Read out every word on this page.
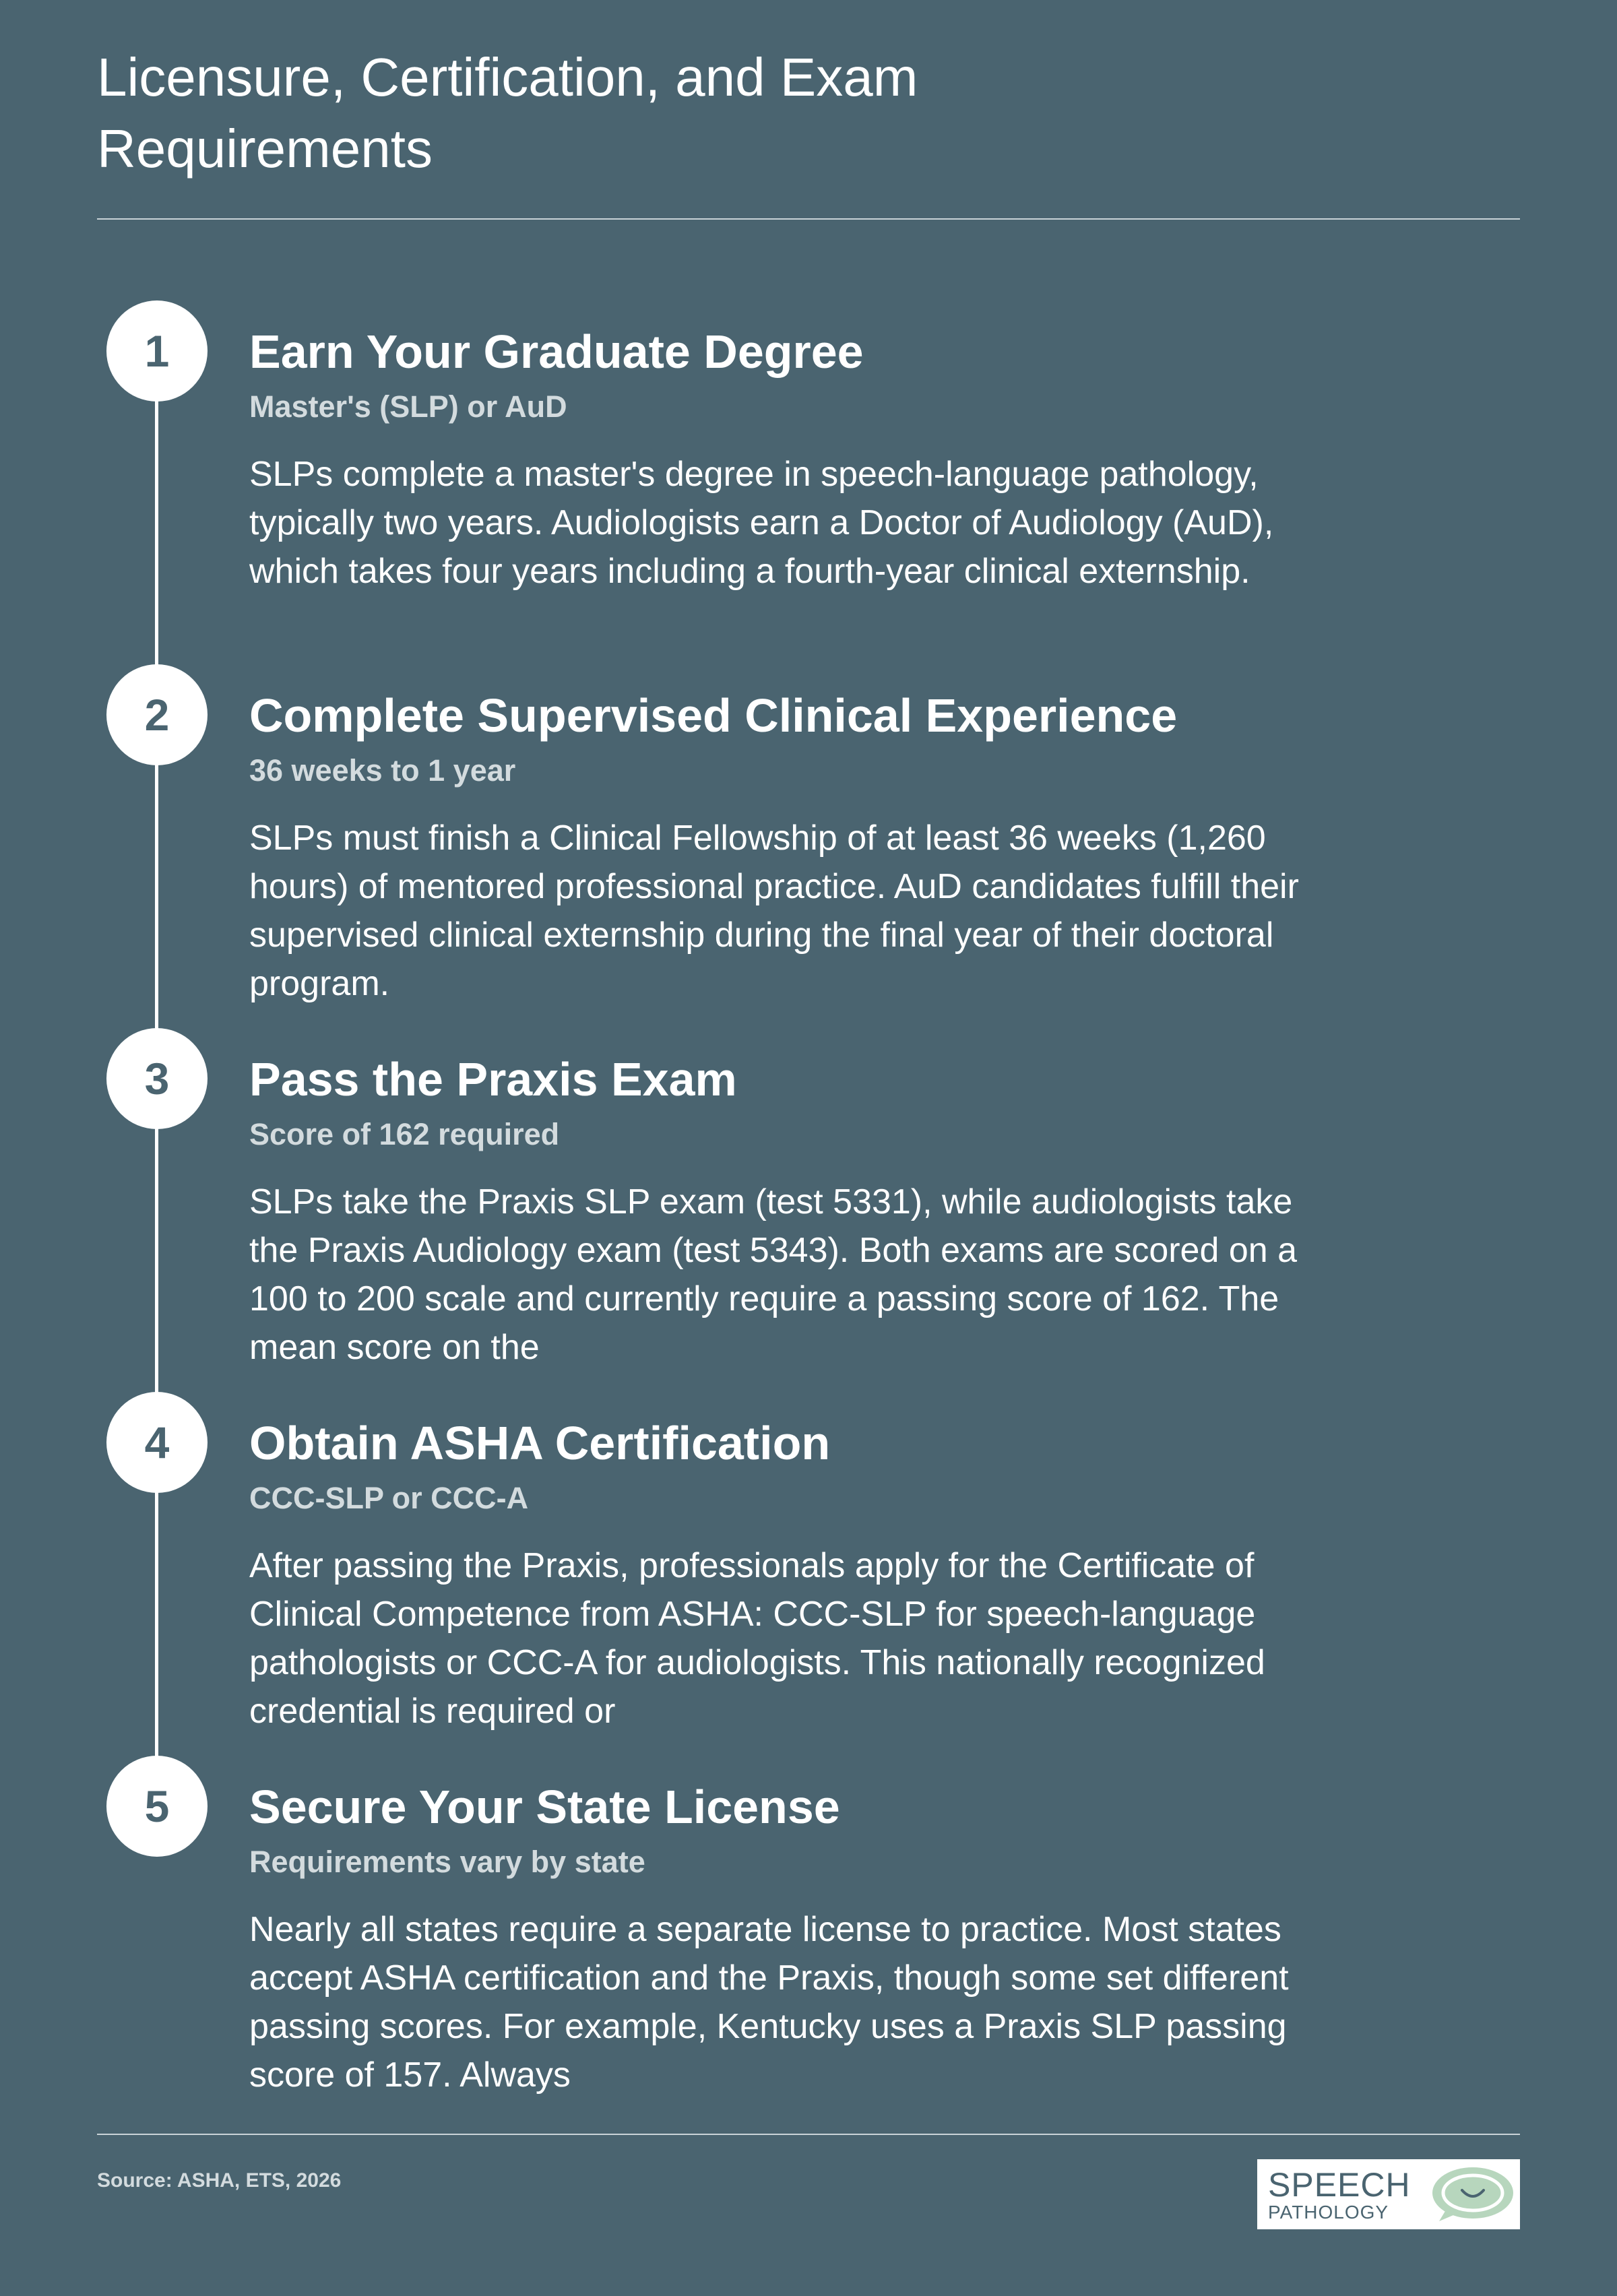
Licensure, Certification, and Exam Requirements
1	Earn Your Graduate Degree
Master's (SLP) or AuD
SLPs complete a master's degree in speech-language pathology, typically two years. Audiologists earn a Doctor of Audiology (AuD), which takes four years including a fourth-year clinical externship.
2	Complete Supervised Clinical Experience
36 weeks to 1 year
SLPs must finish a Clinical Fellowship of at least 36 weeks (1,260 hours) of mentored professional practice. AuD candidates fulfill their supervised clinical externship during the final year of their doctoral program.
3	Pass the Praxis Exam
Score of 162 required
SLPs take the Praxis SLP exam (test 5331), while audiologists take the Praxis Audiology exam (test 5343). Both exams are scored on a 100 to 200 scale and currently require a passing score of 162. The mean score on the
4	Obtain ASHA Certification
CCC-SLP or CCC-A
After passing the Praxis, professionals apply for the Certificate of Clinical Competence from ASHA: CCC-SLP for speech-language pathologists or CCC-A for audiologists. This nationally recognized credential is required or
5	Secure Your State License
Requirements vary by state
Nearly all states require a separate license to practice. Most states accept ASHA certification and the Praxis, though some set different passing scores. For example, Kentucky uses a Praxis SLP passing score of 157. Always
Source: ASHA, ETS, 2026	SPEECH
PATHOLOGY
